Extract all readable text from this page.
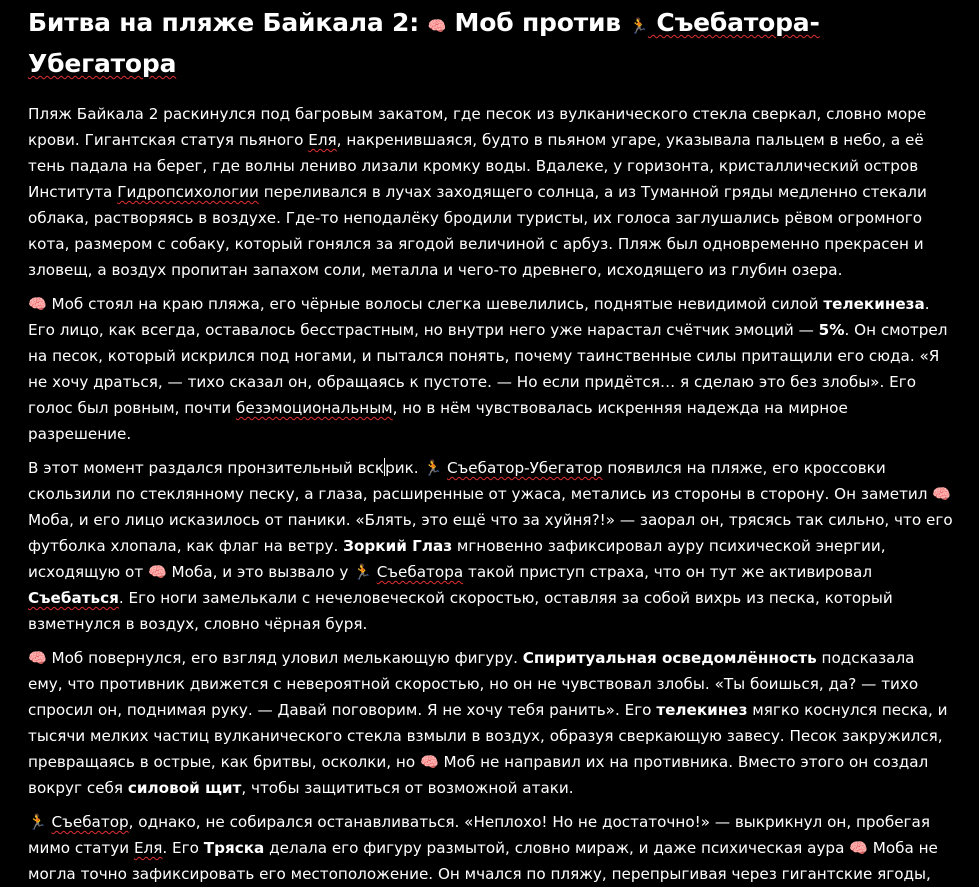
Битва на пляже Байкала 2: 🧠 Моб против 🏃 Съебатора-
Убегатора

Пляж Байкала 2 раскинулся под багровым закатом, где песок из вулканического стекла сверкал, словно море крови. Гигантская статуя пьяного Еля, накренившаяся, будто в пьяном угаре, указывала пальцем в небо, а её тень падала на берег, где волны лениво лизали кромку воды. Вдалеке, у горизонта, кристаллический остров Института Гидропсихологии переливался в лучах заходящего солнца, а из Туманной гряды медленно стекали облака, растворяясь в воздухе. Где-то неподалёку бродили туристы, их голоса заглушались рёвом огромного кота, размером с собаку, который гонялся за ягодой величиной с арбуз. Пляж был одновременно прекрасен и зловещ, а воздух пропитан запахом соли, металла и чего-то древнего, исходящего из глубин озера.

🧠 Моб стоял на краю пляжа, его чёрные волосы слегка шевелились, поднятые невидимой силой телекинеза. Его лицо, как всегда, оставалось бесстрастным, но внутри него уже нарастал счётчик эмоций — 5%. Он смотрел на песок, который искрился под ногами, и пытался понять, почему таинственные силы притащили его сюда. «Я не хочу драться, — тихо сказал он, обращаясь к пустоте. — Но если придётся… я сделаю это без злобы». Его голос был ровным, почти безэмоциональным, но в нём чувствовалась искренняя надежда на мирное разрешение.

В этот момент раздался пронзительный вскрик. 🏃 Съебатор-Убегатор появился на пляже, его кроссовки скользили по стеклянному песку, а глаза, расширенные от ужаса, метались из стороны в сторону. Он заметил 🧠 Моба, и его лицо исказилось от паники. «Блять, это ещё что за хуйня?!» — заорал он, трясясь так сильно, что его футболка хлопала, как флаг на ветру. Зоркий Глаз мгновенно зафиксировал ауру психической энергии, исходящую от 🧠 Моба, и это вызвало у 🏃 Съебатора такой приступ страха, что он тут же активировал Съебаться. Его ноги замелькали с нечеловеческой скоростью, оставляя за собой вихрь из песка, который взметнулся в воздух, словно чёрная буря.

🧠 Моб повернулся, его взгляд уловил мелькающую фигуру. Спиритуальная осведомлённость подсказала ему, что противник движется с невероятной скоростью, но он не чувствовал злобы. «Ты боишься, да? — тихо спросил он, поднимая руку. — Давай поговорим. Я не хочу тебя ранить». Его телекинез мягко коснулся песка, и тысячи мелких частиц вулканического стекла взмыли в воздух, образуя сверкающую завесу. Песок закружился, превращаясь в острые, как бритвы, осколки, но 🧠 Моб не направил их на противника. Вместо этого он создал вокруг себя силовой щит, чтобы защититься от возможной атаки.

🏃 Съебатор, однако, не собирался останавливаться. «Неплохо! Но не достаточно!» — выкрикнул он, пробегая мимо статуи Еля. Его Тряска делала его фигуру размытой, словно мираж, и даже психическая аура 🧠 Моба не могла точно зафиксировать его местоположение. Он мчался по пляжу, перепрыгивая через гигантские ягоды,
